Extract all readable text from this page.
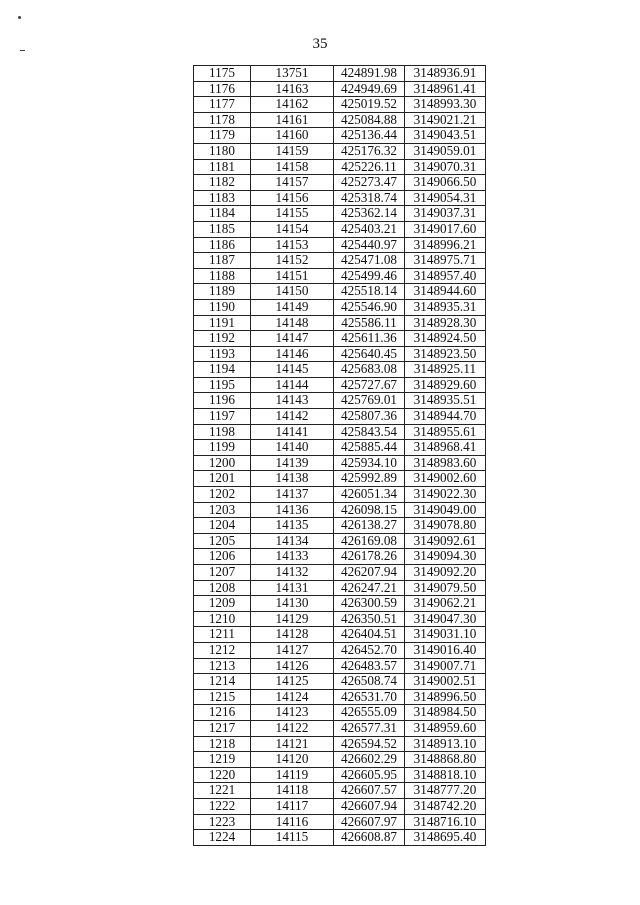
35
1175	13751	424891.98	3148936.91
1176	14163	424949.69	3148961.41
1177	14162	425019.52	3148993.30
1178	14161	425084.88	3149021.21
1179	14160	425136.44	3149043.51
1180	14159	425176.32	3149059.01
1181	14158	425226.11	3149070.31
1182	14157	425273.47	3149066.50
1183	14156	425318.74	3149054.31
1184	14155	425362.14	3149037.31
1185	14154	425403.21	3149017.60
1186	14153	425440.97	3148996.21
1187	14152	425471.08	3148975.71
1188	14151	425499.46	3148957.40
1189	14150	425518.14	3148944.60
1190	14149	425546.90	3148935.31
1191	14148	425586.11	3148928.30
1192	14147	425611.36	3148924.50
1193	14146	425640.45	3148923.50
1194	14145	425683.08	3148925.11
1195	14144	425727.67	3148929.60
1196	14143	425769.01	3148935.51
1197	14142	425807.36	3148944.70
1198	14141	425843.54	3148955.61
1199	14140	425885.44	3148968.41
1200	14139	425934.10	3148983.60
1201	14138	425992.89	3149002.60
1202	14137	426051.34	3149022.30
1203	14136	426098.15	3149049.00
1204	14135	426138.27	3149078.80
1205	14134	426169.08	3149092.61
1206	14133	426178.26	3149094.30
1207	14132	426207.94	3149092.20
1208	14131	426247.21	3149079.50
1209	14130	426300.59	3149062.21
1210	14129	426350.51	3149047.30
1211	14128	426404.51	3149031.10
1212	14127	426452.70	3149016.40
1213	14126	426483.57	3149007.71
1214	14125	426508.74	3149002.51
1215	14124	426531.70	3148996.50
1216	14123	426555.09	3148984.50
1217	14122	426577.31	3148959.60
1218	14121	426594.52	3148913.10
1219	14120	426602.29	3148868.80
1220	14119	426605.95	3148818.10
1221	14118	426607.57	3148777.20
1222	14117	426607.94	3148742.20
1223	14116	426607.97	3148716.10
1224	14115	426608.87	3148695.40
